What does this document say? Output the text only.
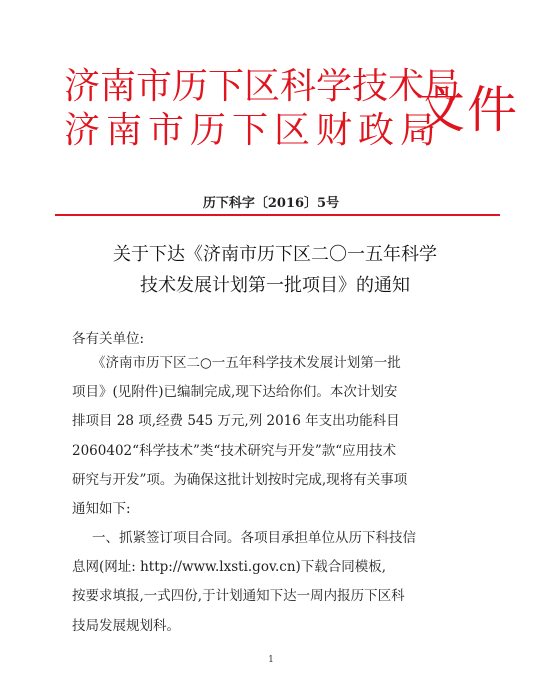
济南市历下区科学技术局
济南市历下区财政局
文件
历下科字〔2016〕5号
关于下达《济南市历下区二〇一五年科学
技术发展计划第一批项目》的通知
各有关单位:
《济南市历下区二○一五年科学技术发展计划第一批
项目》(见附件)已编制完成,现下达给你们。本次计划安
排项目 28 项,经费 545 万元,列 2016 年支出功能科目
2060402“科学技术”类“技术研究与开发”款“应用技术
研究与开发”项。为确保这批计划按时完成,现将有关事项
通知如下:
一、抓紧签订项目合同。各项目承担单位从历下科技信
息网(网址: http://www.lxsti.gov.cn)下载合同模板,
按要求填报,一式四份,于计划通知下达一周内报历下区科
技局发展规划科。
1
